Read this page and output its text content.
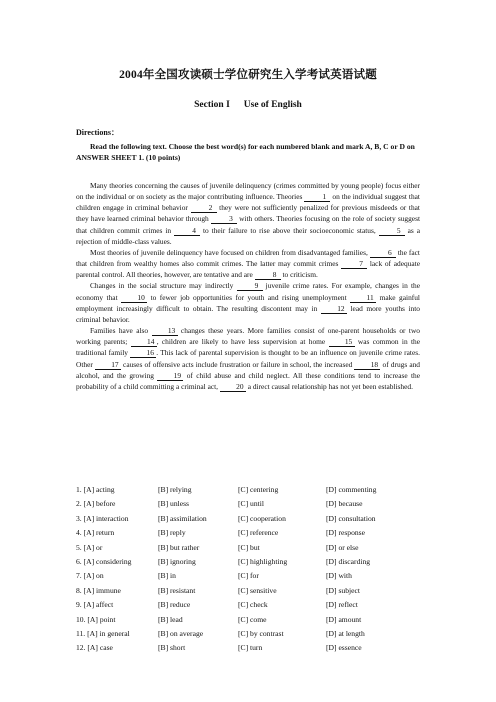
2004年全国攻读硕士学位研究生入学考试英语试题
Section I Use of English
Directions：
Read the following text. Choose the best word(s) for each numbered blank and mark A, B, C or D on ANSWER SHEET 1. (10 points)

Many theories concerning the causes of juvenile delinquency (crimes committed by young people) focus either on the individual or on society as the major contributing influence. Theories 1 on the individual suggest that children engage in criminal behavior 2 they were not sufficiently penalized for previous misdeeds or that they have learned criminal behavior through 3 with others. Theories focusing on the role of society suggest that children commit crimes in 4 to their failure to rise above their socioeconomic status, 5 as a rejection of middle-class values.

Most theories of juvenile delinquency have focused on children from disadvantaged families, 6 the fact that children from wealthy homes also commit crimes. The latter may commit crimes 7 lack of adequate parental control. All theories, however, are tentative and are 8 to criticism.

Changes in the social structure may indirectly 9 juvenile crime rates. For example, changes in the economy that 10 to fewer job opportunities for youth and rising unemployment 11 make gainful employment increasingly difficult to obtain. The resulting discontent may in 12 lead more youths into criminal behavior.

Families have also 13 changes these years. More families consist of one-parent households or two working parents; 14 , children are likely to have less supervision at home 15 was common in the traditional family 16 . This lack of parental supervision is thought to be an influence on juvenile crime rates. Other 17 causes of offensive acts include frustration or failure in school, the increased 18 of drugs and alcohol, and the growing 19 of child abuse and child neglect. All these conditions tend to increase the probability of a child committing a criminal act, 20 a direct causal relationship has not yet been established.

1. [A] acting	[B] relying	[C] centering	[D] commenting
2. [A] before	[B] unless	[C] until	[D] because
3. [A] interaction	[B] assimilation	[C] cooperation	[D] consultation
4. [A] return	[B] reply	[C] reference	[D] response
5. [A] or	[B] but rather	[C] but	[D] or else
6. [A] considering	[B] ignoring	[C] highlighting	[D] discarding
7. [A] on	[B] in	[C] for	[D] with
8. [A] immune	[B] resistant	[C] sensitive	[D] subject
9. [A] affect	[B] reduce	[C] check	[D] reflect
10. [A] point	[B] lead	[C] come	[D] amount
11. [A] in general	[B] on average	[C] by contrast	[D] at length
12. [A] case	[B] short	[C] turn	[D] essence
